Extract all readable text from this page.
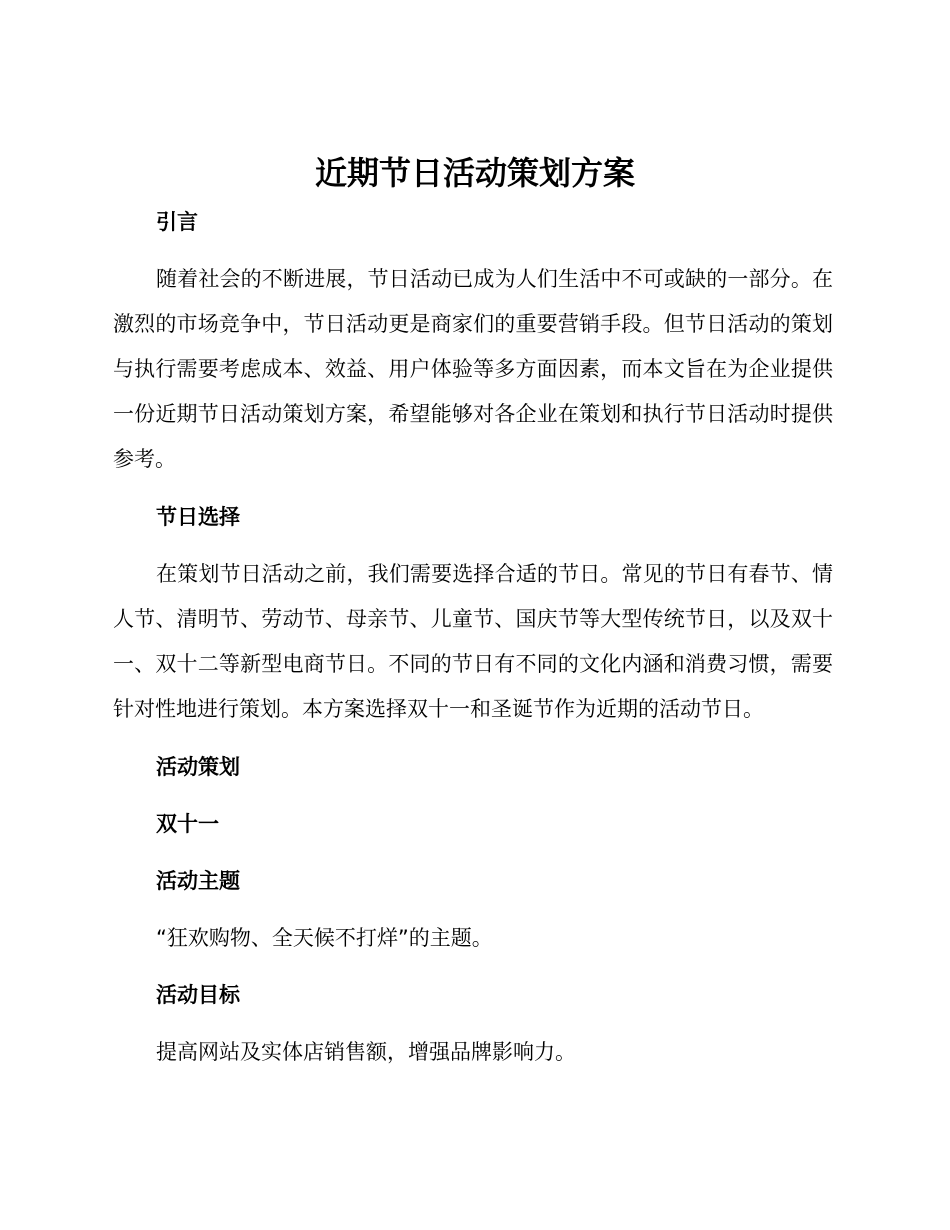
近期节日活动策划方案
引言

随着社会的不断进展，节日活动已成为人们生活中不可或缺的一部分。在激烈的市场竞争中，节日活动更是商家们的重要营销手段。但节日活动的策划与执行需要考虑成本、效益、用户体验等多方面因素，而本文旨在为企业提供一份近期节日活动策划方案，希望能够对各企业在策划和执行节日活动时提供参考。

节日选择

在策划节日活动之前，我们需要选择合适的节日。常见的节日有春节、情人节、清明节、劳动节、母亲节、儿童节、国庆节等大型传统节日，以及双十一、双十二等新型电商节日。不同的节日有不同的文化内涵和消费习惯，需要针对性地进行策划。本方案选择双十一和圣诞节作为近期的活动节日。

活动策划
双十一
活动主题
“狂欢购物、全天候不打烊”的主题。
活动目标
提高网站及实体店销售额，增强品牌影响力。
